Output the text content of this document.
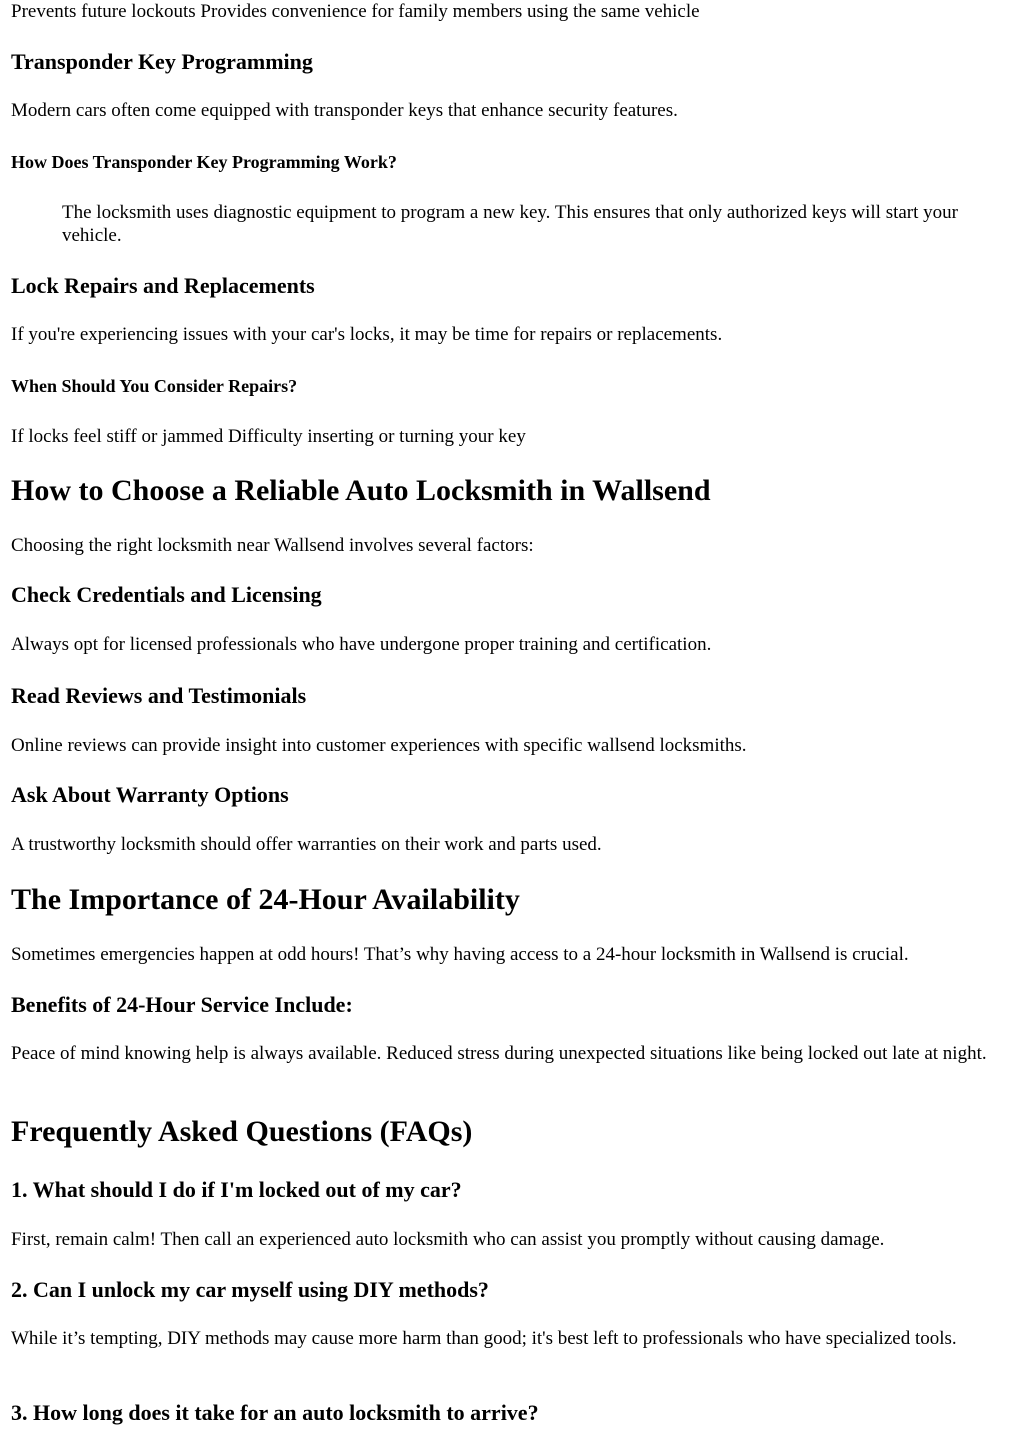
Prevents future lockouts Provides convenience for family members using the same vehicle

Transponder Key Programming

Modern cars often come equipped with transponder keys that enhance security features.

How Does Transponder Key Programming Work?
The locksmith uses diagnostic equipment to program a new key. This ensures that only authorized keys will start your vehicle.
Lock Repairs and Replacements

If you're experiencing issues with your car's locks, it may be time for repairs or replacements.

When Should You Consider Repairs?

If locks feel stiff or jammed Difficulty inserting or turning your key

How to Choose a Reliable Auto Locksmith in Wallsend

Choosing the right locksmith near Wallsend involves several factors:

Check Credentials and Licensing

Always opt for licensed professionals who have undergone proper training and certification.

Read Reviews and Testimonials

Online reviews can provide insight into customer experiences with specific wallsend locksmiths.

Ask About Warranty Options

A trustworthy locksmith should offer warranties on their work and parts used.

The Importance of 24-Hour Availability

Sometimes emergencies happen at odd hours! That’s why having access to a 24-hour locksmith in Wallsend is crucial.

Benefits of 24-Hour Service Include:

Peace of mind knowing help is always available. Reduced stress during unexpected situations like being locked out late at night.

Frequently Asked Questions (FAQs)
1. What should I do if I'm locked out of my car?

First, remain calm! Then call an experienced auto locksmith who can assist you promptly without causing damage.

2. Can I unlock my car myself using DIY methods?

While it’s tempting, DIY methods may cause more harm than good; it's best left to professionals who have specialized tools.

3. How long does it take for an auto locksmith to arrive?
